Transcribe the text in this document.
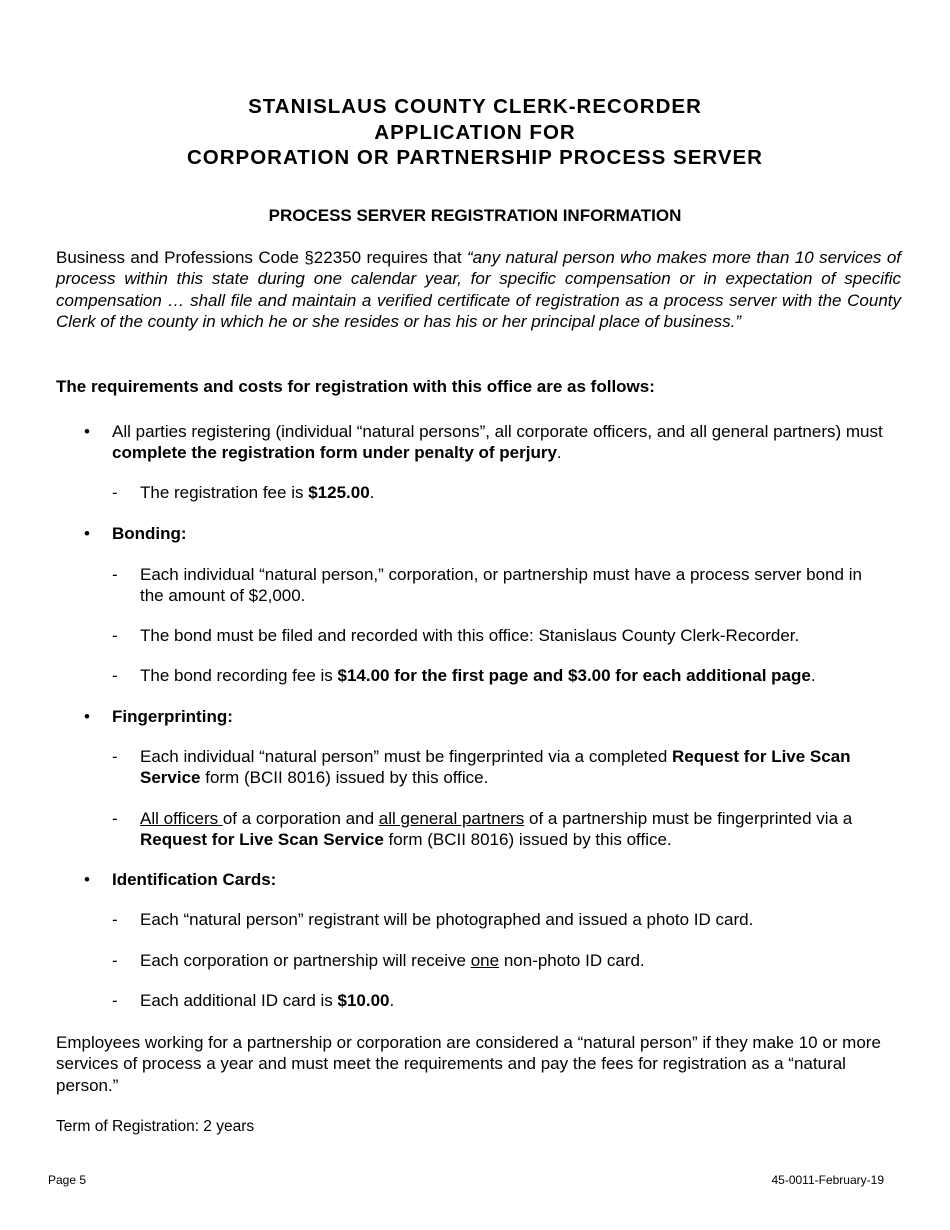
STANISLAUS COUNTY CLERK-RECORDER
APPLICATION FOR
CORPORATION OR PARTNERSHIP PROCESS SERVER
PROCESS SERVER REGISTRATION INFORMATION
Business and Professions Code §22350 requires that “any natural person who makes more than 10 services of process within this state during one calendar year, for specific compensation or in expectation of specific compensation … shall file and maintain a verified certificate of registration as a process server with the County Clerk of the county in which he or she resides or has his or her principal place of business.”
The requirements and costs for registration with this office are as follows:
•	All parties registering (individual “natural persons”, all corporate officers, and all general partners) must complete the registration form under penalty of perjury.
- The registration fee is $125.00.
•	Bonding:
- Each individual “natural person,” corporation, or partnership must have a process server bond in the amount of $2,000.
- The bond must be filed and recorded with this office: Stanislaus County Clerk-Recorder.
- The bond recording fee is $14.00 for the first page and $3.00 for each additional page.
•	Fingerprinting:
- Each individual “natural person” must be fingerprinted via a completed Request for Live Scan Service form (BCII 8016) issued by this office.
- All officers of a corporation and all general partners of a partnership must be fingerprinted via a Request for Live Scan Service form (BCII 8016) issued by this office.
•	Identification Cards:
- Each “natural person” registrant will be photographed and issued a photo ID card.
- Each corporation or partnership will receive one non-photo ID card.
- Each additional ID card is $10.00.
Employees working for a partnership or corporation are considered a “natural person” if they make 10 or more services of process a year and must meet the requirements and pay the fees for registration as a “natural person.”
Term of Registration: 2 years
Page 5	45-0011-February-19
